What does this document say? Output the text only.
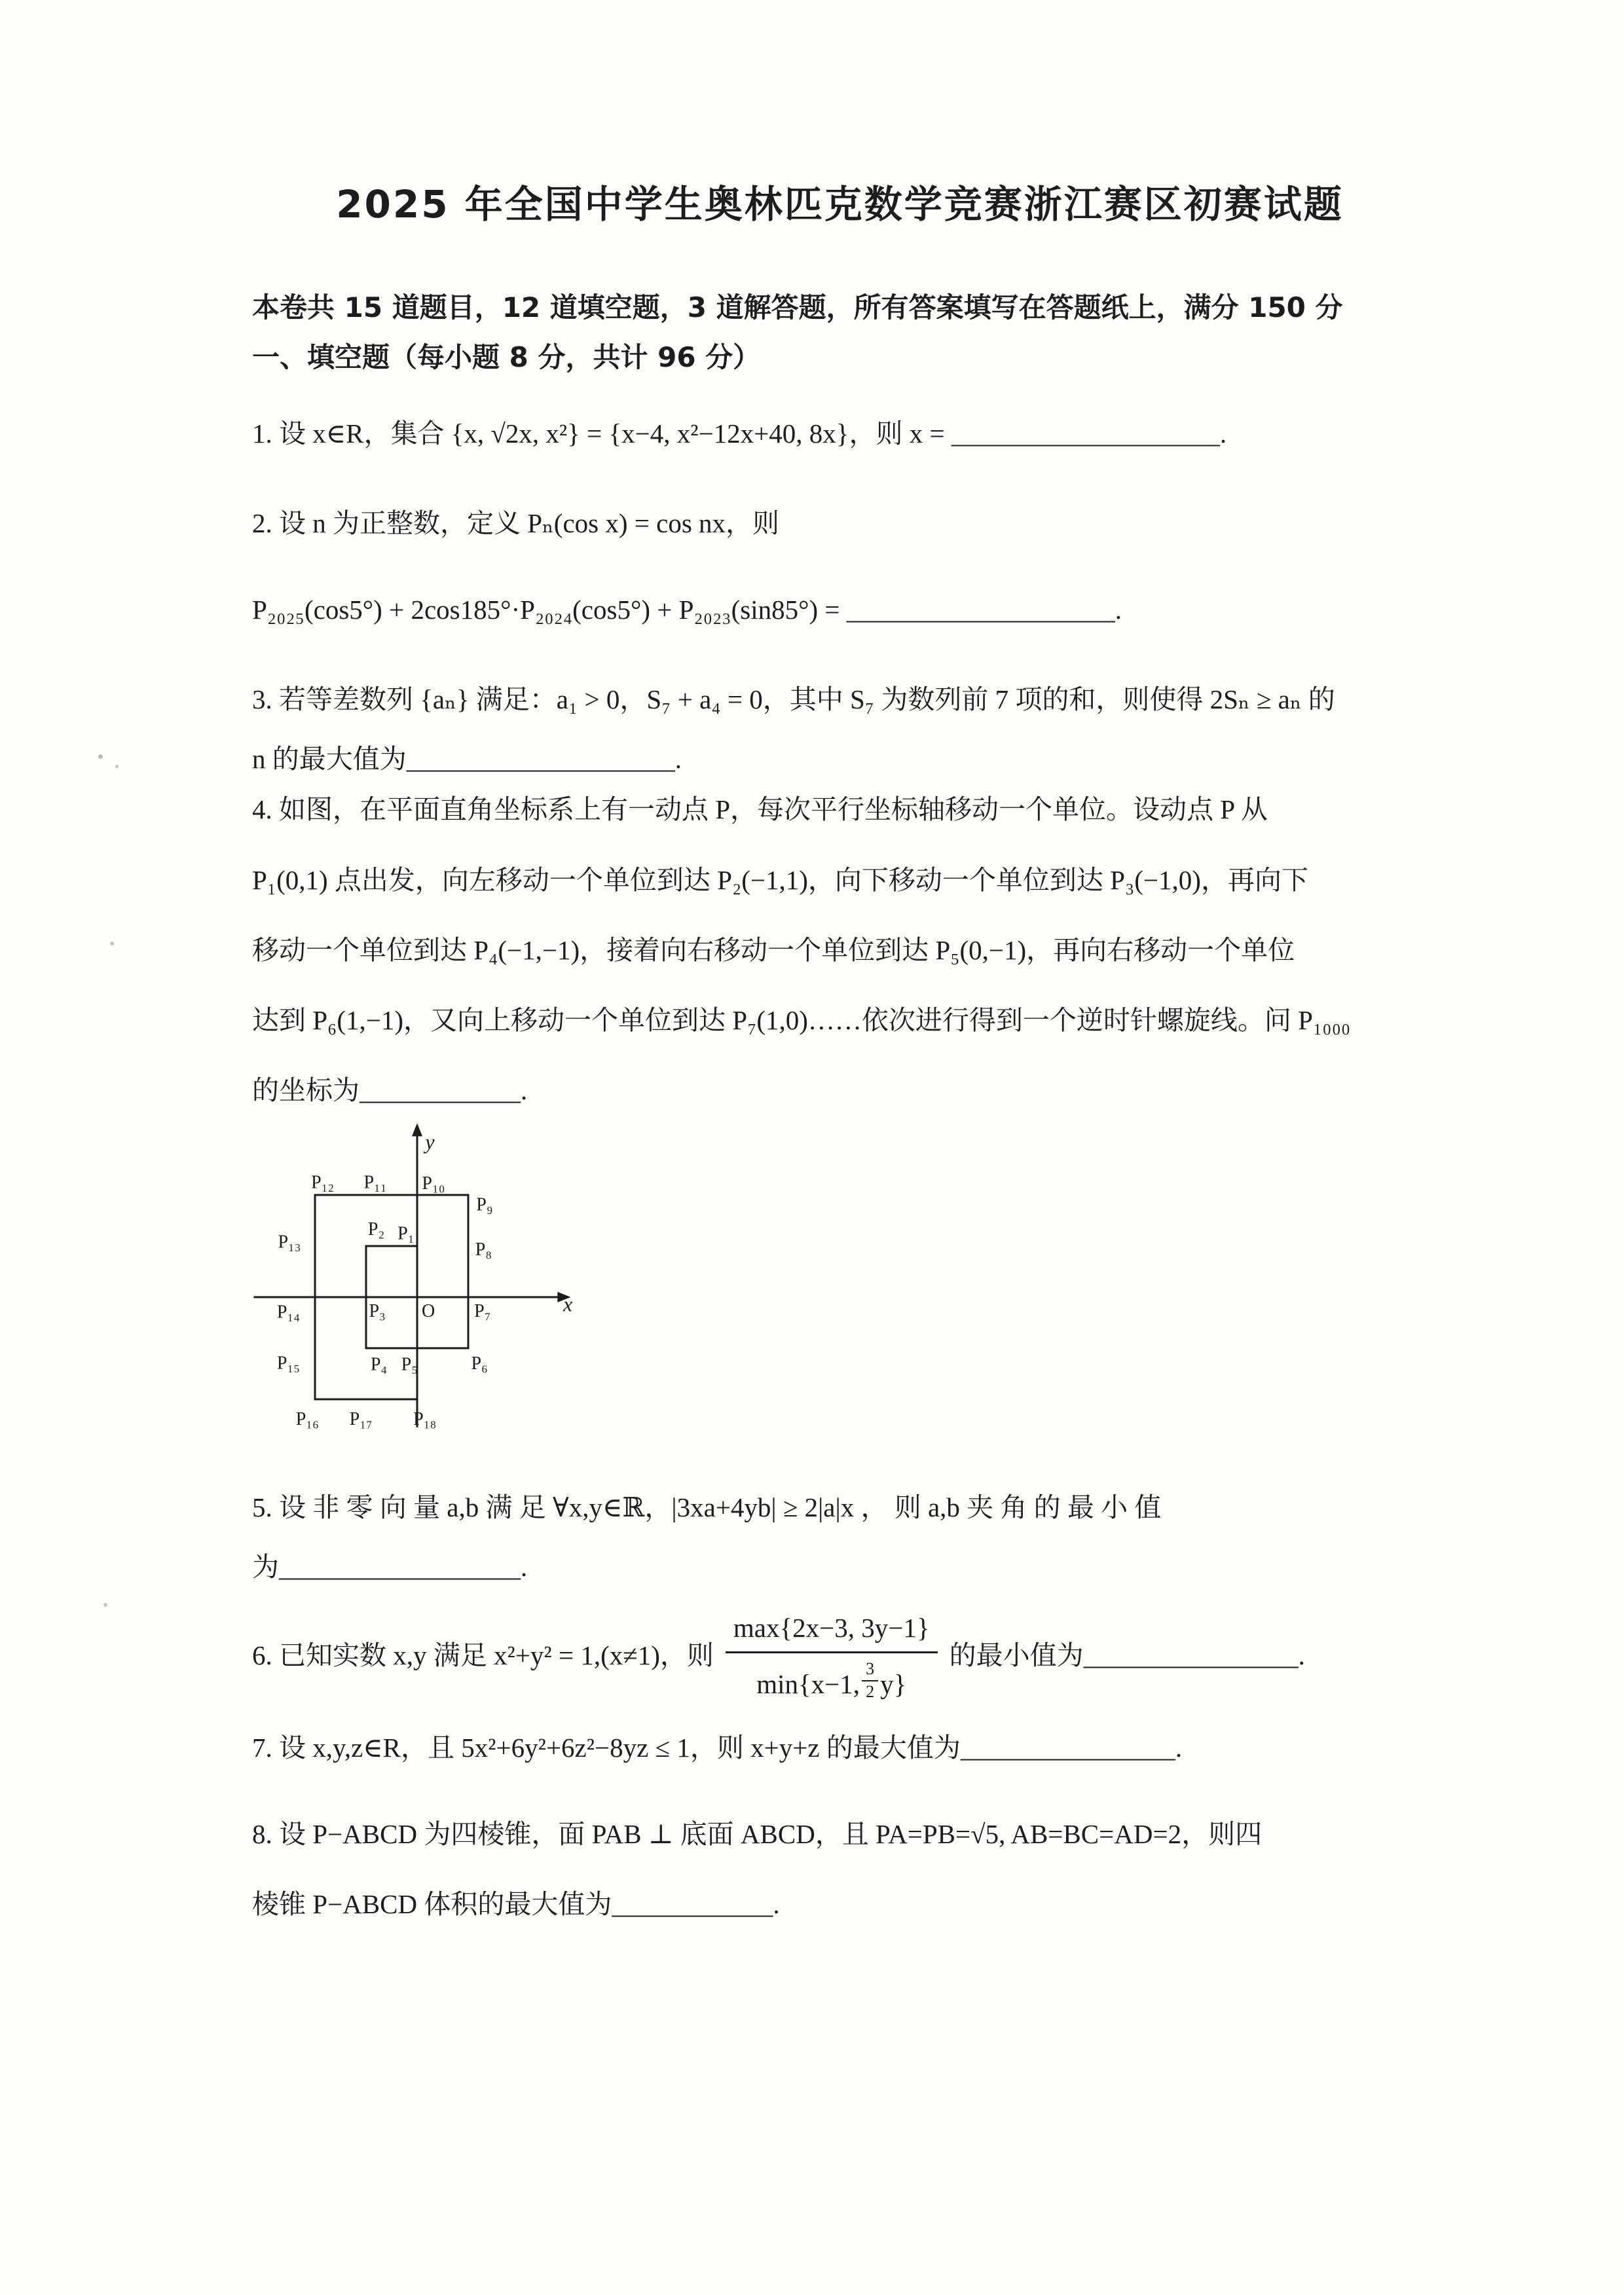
2025 年全国中学生奥林匹克数学竞赛浙江赛区初赛试题

本卷共 15 道题目，12 道填空题，3 道解答题，所有答案填写在答题纸上，满分 150 分

一、填空题（每小题 8 分，共计 96 分）

1. 设 x∈R，集合 {x, √2x, x²} = {x−4, x²−12x+40, 8x}，则 x = ____________________.
2. 设 n 为正整数，定义 Pₙ(cos x) = cos nx，则
P₂₀₂₅(cos5°) + 2cos185°·P₂₀₂₄(cos5°) + P₂₀₂₃(sin85°) = ____________________.
3. 若等差数列 {aₙ} 满足：a₁ > 0，S₇ + a₄ = 0，其中 S₇ 为数列前 7 项的和，则使得 2Sₙ ≥ aₙ 的
n 的最大值为____________________.
4. 如图，在平面直角坐标系上有一动点 P，每次平行坐标轴移动一个单位。设动点 P 从
P₁(0,1) 点出发，向左移动一个单位到达 P₂(−1,1)，向下移动一个单位到达 P₃(−1,0)，再向下
移动一个单位到达 P₄(−1,−1)，接着向右移动一个单位到达 P₅(0,−1)，再向右移动一个单位
达到 P₆(1,−1)，又向上移动一个单位到达 P₇(1,0)……依次进行得到一个逆时针螺旋线。问 P₁₀₀₀
的坐标为____________.
y
x
O
P₁
P₂
P₃
P₄ P₅	P₆
P₇
P₈
P₉
P₁₀
P₁₁
P₁₂
P₁₃
P₁₄
P₁₅
P₁₆ P₁₇ P₁₈
5. 设 非 零 向 量 a,b 满 足 ∀x,y∈ℝ，|3xa+4yb| ≥ 2|a|x ， 则 a,b 夹 角 的 最 小 值
为__________________.
6. 已知实数 x,y 满足 x²+y² = 1,(x≠1)，则
max{2x−3, 3y−1}
min{x−1, $\frac{3}{2} y$}
的最小值为________________.
7. 设 x,y,z∈R，且 5x²+6y²+6z²−8yz ≤ 1，则 x+y+z 的最大值为________________.
8. 设 P−ABCD 为四棱锥，面 PAB ⊥ 底面 ABCD，且 PA=PB=√5, AB=BC=AD=2，则四
棱锥 P−ABCD 体积的最大值为____________.
